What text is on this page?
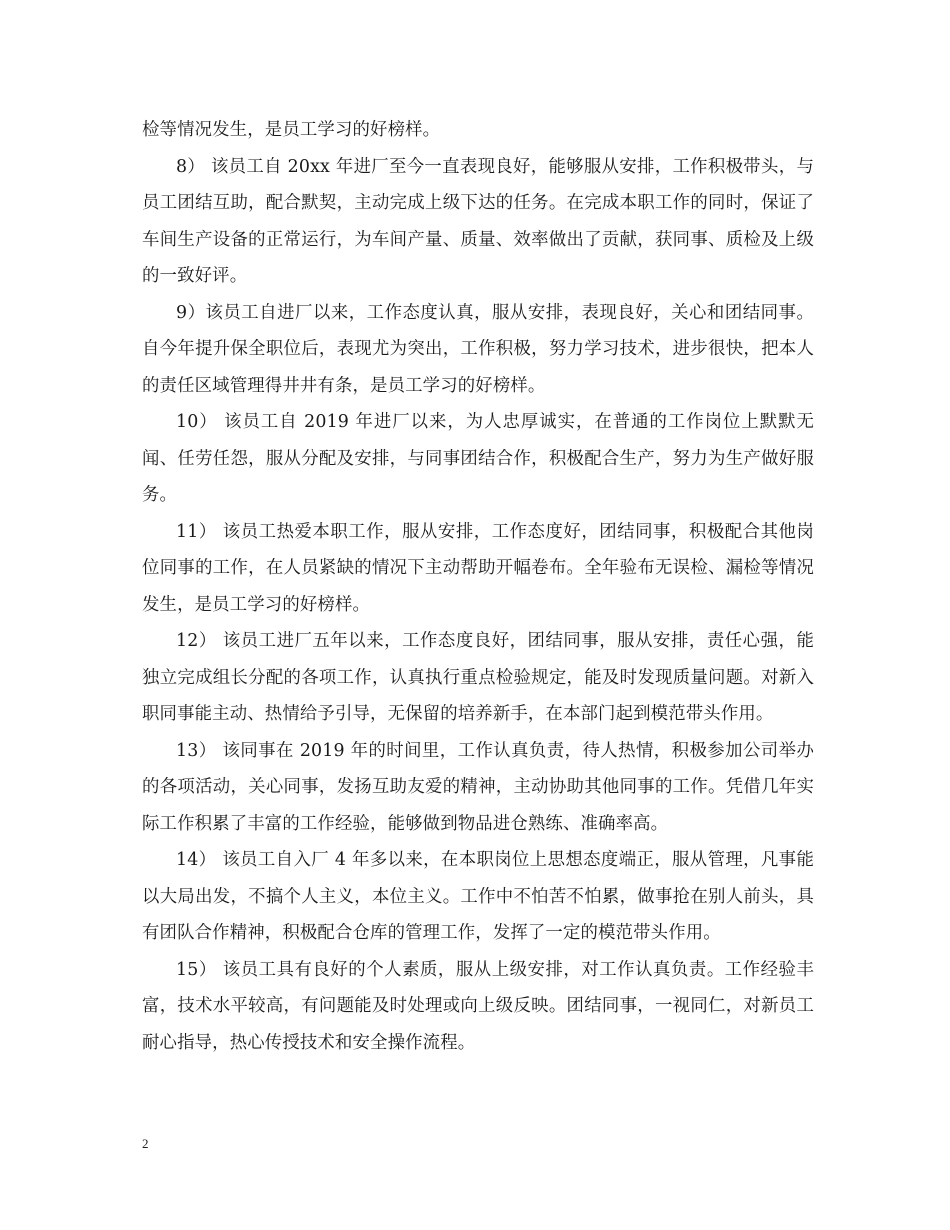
检等情况发生，是员工学习的好榜样。

8） 该员工自 20xx 年进厂至今一直表现良好，能够服从安排，工作积极带头，与员工团结互助，配合默契，主动完成上级下达的任务。在完成本职工作的同时，保证了车间生产设备的正常运行，为车间产量、质量、效率做出了贡献，获同事、质检及上级的一致好评。

9）该员工自进厂以来，工作态度认真，服从安排，表现良好，关心和团结同事。自今年提升保全职位后，表现尤为突出，工作积极，努力学习技术，进步很快，把本人的责任区域管理得井井有条，是员工学习的好榜样。

10） 该员工自 2019 年进厂以来，为人忠厚诚实，在普通的工作岗位上默默无闻、任劳任怨，服从分配及安排，与同事团结合作，积极配合生产，努力为生产做好服务。

11） 该员工热爱本职工作，服从安排，工作态度好，团结同事，积极配合其他岗位同事的工作，在人员紧缺的情况下主动帮助开幅卷布。全年验布无误检、漏检等情况发生，是员工学习的好榜样。

12） 该员工进厂五年以来，工作态度良好，团结同事，服从安排，责任心强，能独立完成组长分配的各项工作，认真执行重点检验规定，能及时发现质量问题。对新入职同事能主动、热情给予引导，无保留的培养新手，在本部门起到模范带头作用。

13） 该同事在 2019 年的时间里，工作认真负责，待人热情，积极参加公司举办的各项活动，关心同事，发扬互助友爱的精神，主动协助其他同事的工作。凭借几年实际工作积累了丰富的工作经验，能够做到物品进仓熟练、准确率高。

14） 该员工自入厂 4 年多以来，在本职岗位上思想态度端正，服从管理，凡事能以大局出发，不搞个人主义，本位主义。工作中不怕苦不怕累，做事抢在别人前头，具有团队合作精神，积极配合仓库的管理工作，发挥了一定的模范带头作用。

15） 该员工具有良好的个人素质，服从上级安排，对工作认真负责。工作经验丰富，技术水平较高，有问题能及时处理或向上级反映。团结同事，一视同仁，对新员工耐心指导，热心传授技术和安全操作流程。

2
